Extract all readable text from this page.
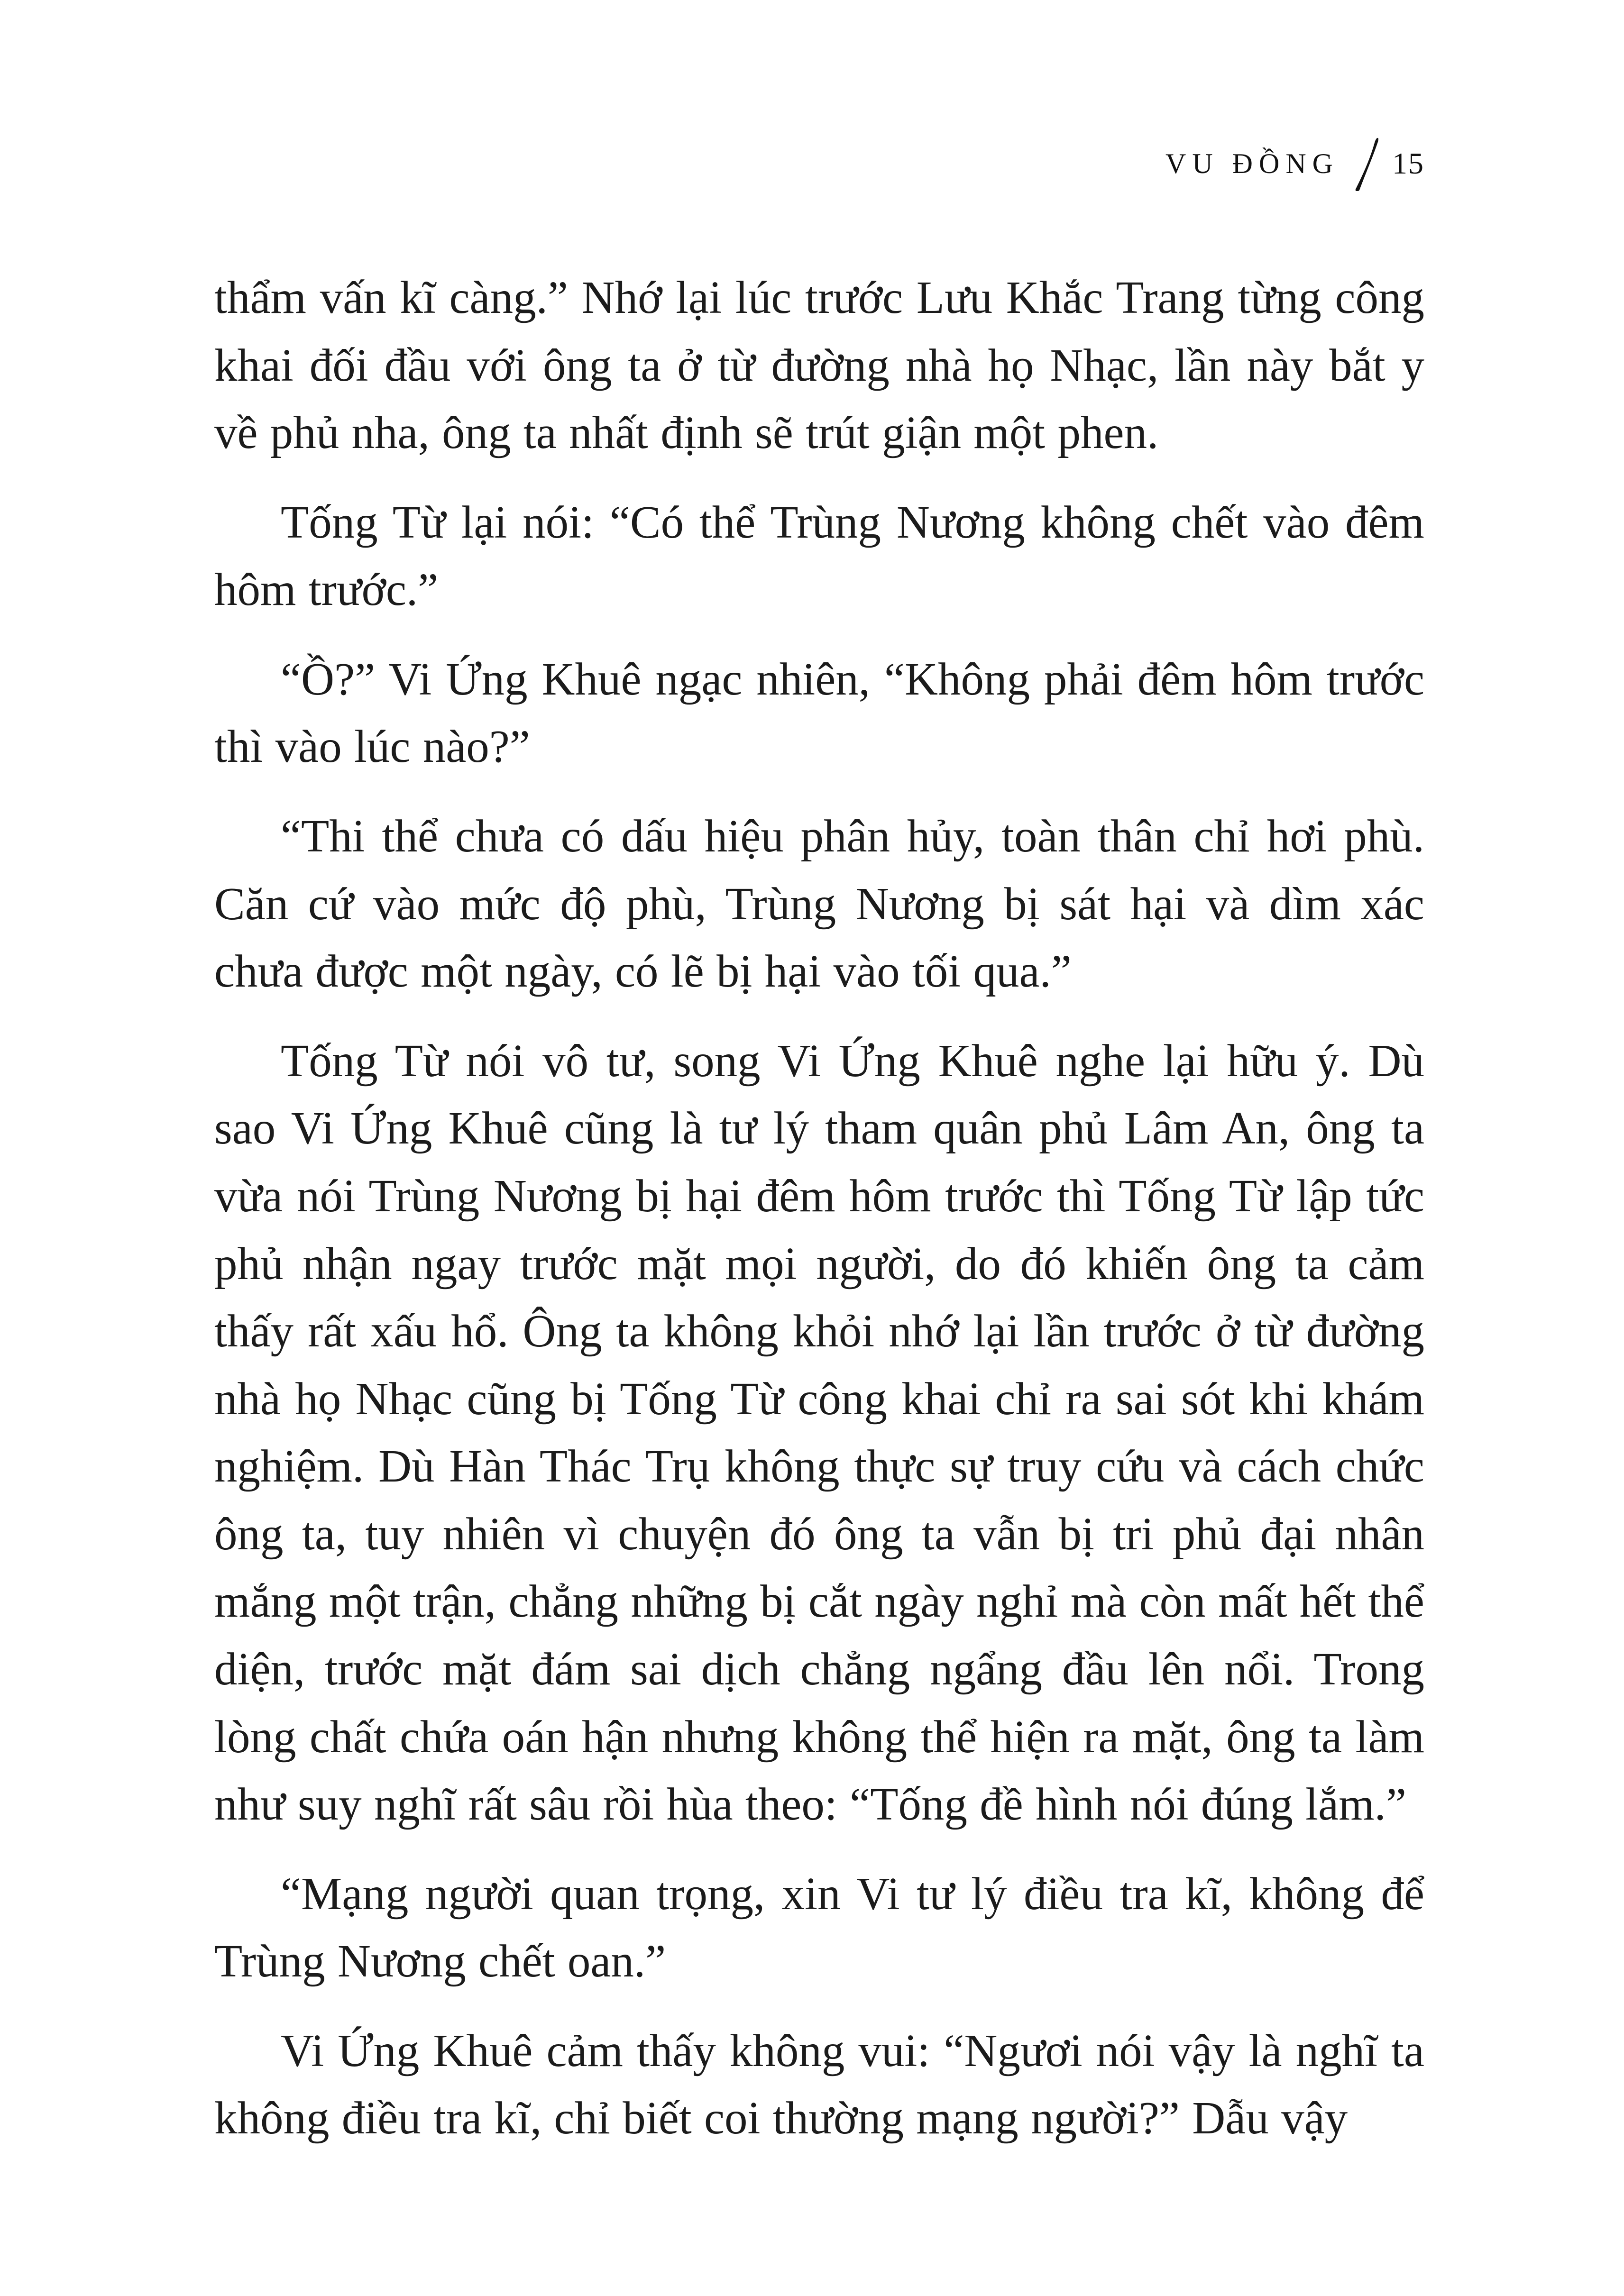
VU ĐỒNG 15

thẩm vấn kĩ càng.” Nhớ lại lúc trước Lưu Khắc Trang từng công khai đối đầu với ông ta ở từ đường nhà họ Nhạc, lần này bắt y về phủ nha, ông ta nhất định sẽ trút giận một phen.

Tống Từ lại nói: “Có thể Trùng Nương không chết vào đêm hôm trước.”

“Ồ?” Vi Ứng Khuê ngạc nhiên, “Không phải đêm hôm trước thì vào lúc nào?”

“Thi thể chưa có dấu hiệu phân hủy, toàn thân chỉ hơi phù. Căn cứ vào mức độ phù, Trùng Nương bị sát hại và dìm xác chưa được một ngày, có lẽ bị hại vào tối qua.”

Tống Từ nói vô tư, song Vi Ứng Khuê nghe lại hữu ý. Dù sao Vi Ứng Khuê cũng là tư lý tham quân phủ Lâm An, ông ta vừa nói Trùng Nương bị hại đêm hôm trước thì Tống Từ lập tức phủ nhận ngay trước mặt mọi người, do đó khiến ông ta cảm thấy rất xấu hổ. Ông ta không khỏi nhớ lại lần trước ở từ đường nhà họ Nhạc cũng bị Tống Từ công khai chỉ ra sai sót khi khám nghiệm. Dù Hàn Thác Trụ không thực sự truy cứu và cách chức ông ta, tuy nhiên vì chuyện đó ông ta vẫn bị tri phủ đại nhân mắng một trận, chẳng những bị cắt ngày nghỉ mà còn mất hết thể diện, trước mặt đám sai dịch chẳng ngẩng đầu lên nổi. Trong lòng chất chứa oán hận nhưng không thể hiện ra mặt, ông ta làm như suy nghĩ rất sâu rồi hùa theo: “Tống đề hình nói đúng lắm.”

“Mạng người quan trọng, xin Vi tư lý điều tra kĩ, không để Trùng Nương chết oan.”

Vi Ứng Khuê cảm thấy không vui: “Ngươi nói vậy là nghĩ ta không điều tra kĩ, chỉ biết coi thường mạng người?” Dẫu vậy
